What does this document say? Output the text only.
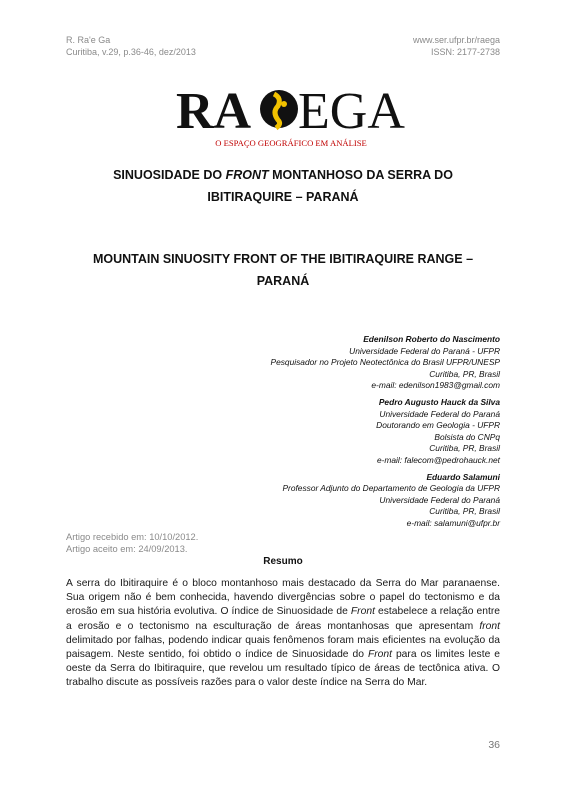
R. Ra'e Ga
Curitiba, v.29, p.36-46, dez/2013
www.ser.ufpr.br/raega
ISSN: 2177-2738
RA EGA
O ESPAÇO GEOGRÁFICO EM ANÁLISE
SINUOSIDADE DO FRONT MONTANHOSO DA SERRA DO
IBITIRAQUIRE – PARANÁ
MOUNTAIN SINUOSITY FRONT OF THE IBITIRAQUIRE RANGE –
PARANÁ
Edenilson Roberto do Nascimento
Universidade Federal do Paraná - UFPR
Pesquisador no Projeto Neotectônica do Brasil UFPR/UNESP
Curitiba, PR, Brasil
e-mail: edenilson1983@gmail.com
Pedro Augusto Hauck da Silva
Universidade Federal do Paraná
Doutorando em Geologia - UFPR
Bolsista do CNPq
Curitiba, PR, Brasil
e-mail: falecom@pedrohauck.net
Eduardo Salamuni
Professor Adjunto do Departamento de Geologia da UFPR
Universidade Federal do Paraná
Curitiba, PR, Brasil
e-mail: salamuni@ufpr.br
Artigo recebido em: 10/10/2012.
Artigo aceito em: 24/09/2013.
Resumo
A serra do Ibitiraquire é o bloco montanhoso mais destacado da Serra do Mar paranaense. Sua origem não é bem conhecida, havendo divergências sobre o papel do tectonismo e da erosão em sua história evolutiva. O índice de Sinuosidade de Front estabelece a relação entre a erosão e o tectonismo na esculturação de áreas montanhosas que apresentam front delimitado por falhas, podendo indicar quais fenômenos foram mais eficientes na evolução da paisagem. Neste sentido, foi obtido o índice de Sinuosidade do Front para os limites leste e oeste da Serra do Ibitiraquire, que revelou um resultado típico de áreas de tectônica ativa. O trabalho discute as possíveis razões para o valor deste índice na Serra do Mar.
36
